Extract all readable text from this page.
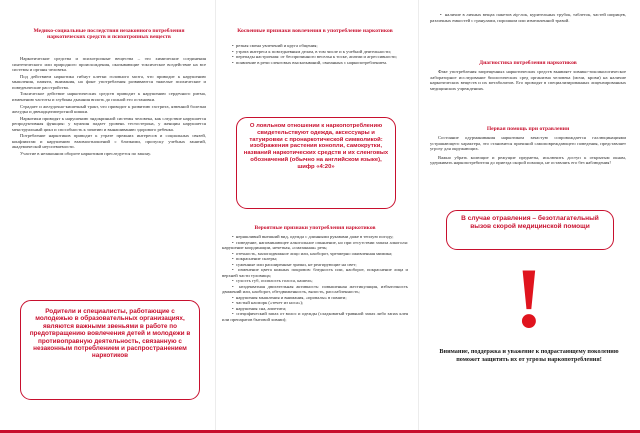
Медико-социальные последствия незаконного потребления наркотических средств и психотропных веществ

Наркотические средства и психотропные вещества – это химические соединения синтетического или природного происхождения, оказывающие токсическое воздействие на все системы и органы человека.

Под действием наркотика гибнут клетки головного мозга, что приводит к нарушению мышления, памяти, внимания, на фоне употребления развиваются тяжелые психические и поведенческие расстройства.

Токсическое действие наркотических средств приводит к нарушению сердечного ритма, изменению частоты и глубины дыхания вплоть до полной его остановки.

Страдает и желудочно-кишечный тракт, что приводит к развитию гастрита, язвенной болезни желудка и двенадцатиперстной кишки.

Наркотики приводят к нарушению эндокринной системы человека, как следствие нарушается репродуктивная функция: у мужчин падает уровень тестостерона, у женщин нарушается менструальный цикл и способность к зачатию и вынашиванию здорового ребенка.

Потребление наркотиков приводит к утрате прежних интересов и социальных связей, конфликтам и нарушению взаимоотношений с близкими, пропуску учебных занятий, академической неуспеваемости.

Участие в незаконном обороте наркотиков преследуется по закону.

Родители и специалисты, работающие с молодежью в образовательных организациях, являются важными звеньями в работе по предотвращению вовлечения детей и молодежи в противоправную деятельность, связанную с незаконным потреблением и распространением наркотиков

Косвенные признаки вовлечения в употребление наркотиков

•  резкая смена увлечений и круга общения;

•  утрата интереса к повседневным делам, в том числе и к учебной деятельности;

•  перепады настроения: от беспричинного веселья к тоске, апатии и агрессивности;

•  появление в речи сленговых высказываний, связанных с наркопотреблением.

О лояльном отношении к наркопотреблению свидетельствуют одежда, аксессуары и татуировки с пронаркотической символикой: изображения растения конопли, самокрутки, названий наркотических средств и их сленговых обозначений (обычно на английском языке), шифр «4:20»

Вероятные признаки употребления наркотиков

•  неряшливый внешний вид, одежда с длинными рукавами даже в теплую погоду;

•  поведение, напоминающее алкогольное опьянение, но при отсутствии запаха алкоголя: нарушение координации, нечеткая, «смазанная» речь;

•  отечность, малоподвижное лицо или, наоборот, чрезмерно оживленная мимика;

•  покраснение склеры;

•  суженные или расширенные зрачки, не реагирующие на свет;

•  изменение цвета кожных покровов: бледность или, наоборот, покраснение лица и верхней части туловища;

•  сухость губ, осиплость голоса, кашель;

•  неадекватная двигательная активность: повышенная жестикуляция, избыточность движений или, наоборот, обездвиженность, вялость, расслабленность;

•  нарушения мышления и внимания, «провалы» в памяти;

•  частый насморк («течет из носа»);

•  нарушения сна, аппетита;

•  специфический запах от волос и одежды (сладковатый травяной запах либо запах клея или препаратов бытовой химии);

•  наличие в личных вещах пакетов zip-лок, курительных трубок, таблеток, частей шприцев, различных емкостей с гранулами, порошком или измельченной травой.

Диагностика потребления наркотиков

Факт употребления запрещенных наркотических средств выявляет химико-токсикологическое лабораторное исследование биологических сред организма человека (мочи, крови) на наличие наркотических веществ и их метаболитов. Его проводят в специализированных лицензированных медицинских учреждениях.

Первая помощь при отравлении

Состояние одурманивания наркотиком зачастую сопровождается галлюцинациями устрашающего характера, это становится причиной самоповреждающего поведения, представляет угрозу для окружающих.

Важно убрать колющие и режущие предметы, исключить доступ к открытым окнам, удерживать наркопотребителя до приезда скорой помощи, не оставлять его без наблюдения!

В случае отравления – безотлагательный вызов скорой медицинской помощи
!

Внимание, поддержка и уважение к подрастающему поколению поможет защитить их от угрозы наркопотребления!
